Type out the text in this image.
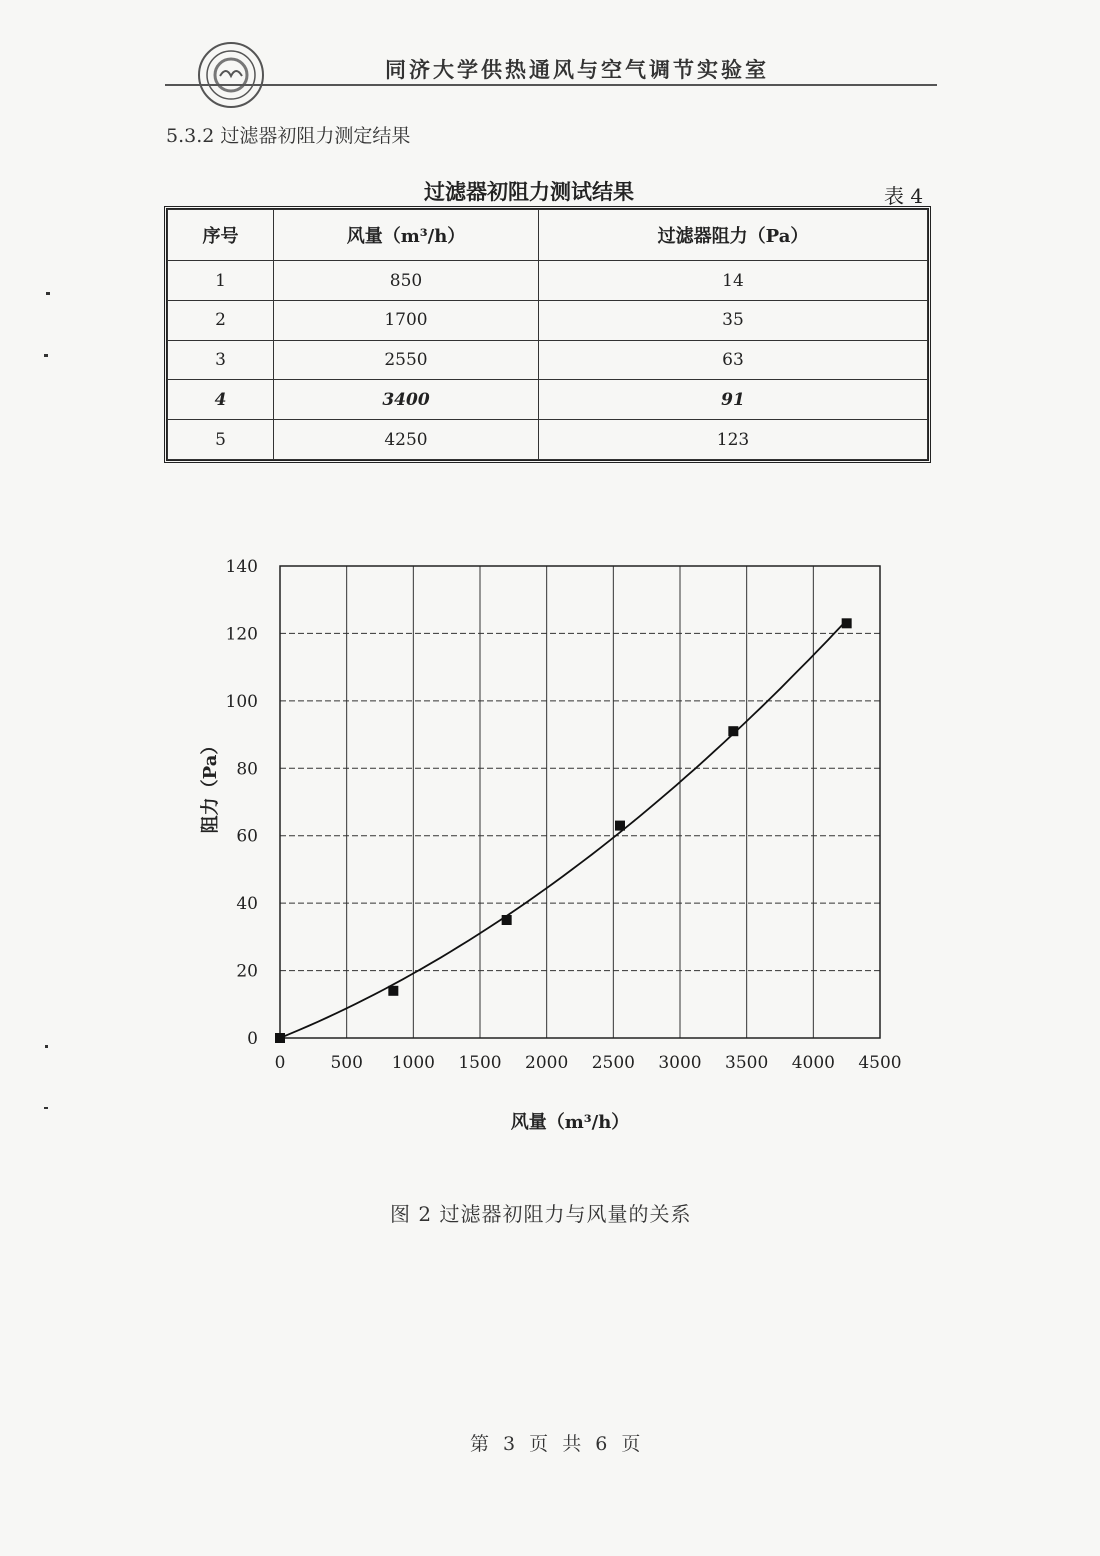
同济大学供热通风与空气调节实验室
5.3.2 过滤器初阻力测定结果
过滤器初阻力测试结果	表 4
序号	风量（m³/h）	过滤器阻力（Pa）
1	850	14
2	1700	35
3	2550	63
4	3400	91
5	4250	123
0	500 1000 1500 2000 2500 3000 3500 4000 4500
0
20
40
60
80
100
120
140
阻力（Pa）
风量（m³/h）
图 2 过滤器初阻力与风量的关系
第 3 页 共 6 页
